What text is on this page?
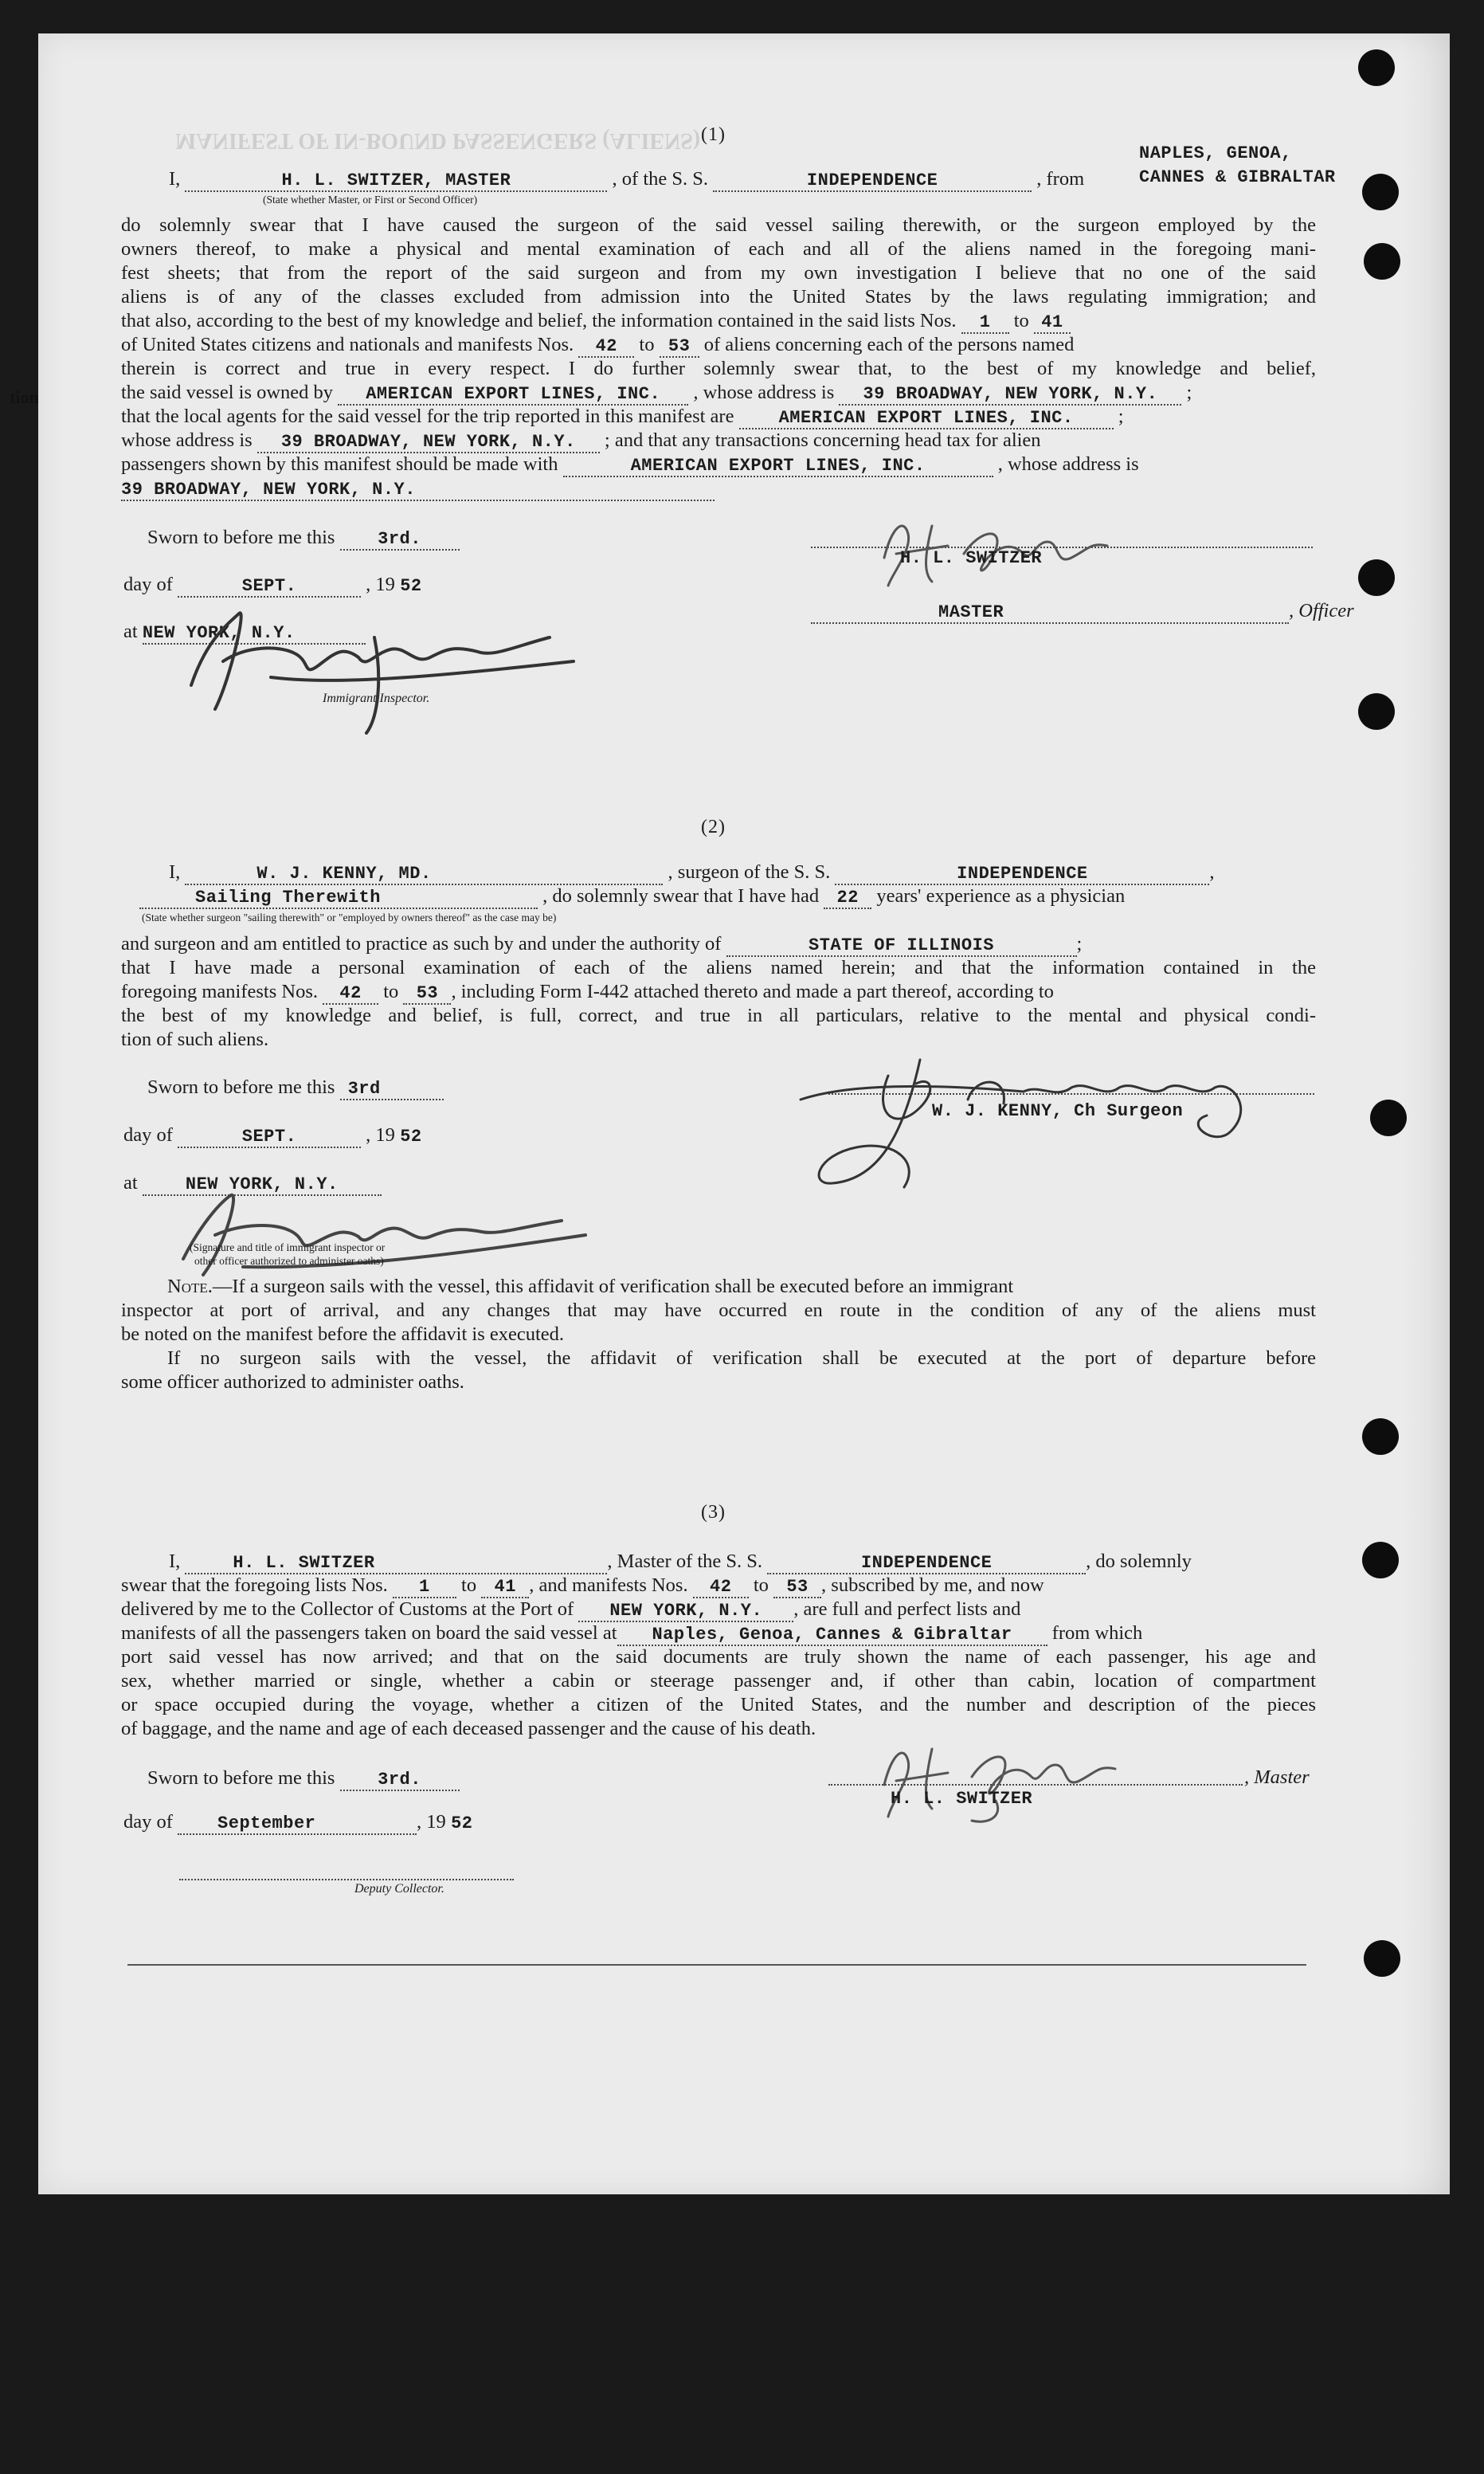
MANIFEST OF IN-BOUND PASSENGERS (ALIENS)
tion
(1)
I,	H. L. SWITZER, MASTER	, of the S. S.	INDEPENDENCE	, from
NAPLES, GENOA,
CANNES & GIBRALTAR
(State whether Master, or First or Second Officer)
do solemnly swear that I have caused the surgeon of the said vessel sailing therewith, or the surgeon employed by the
owners thereof, to make a physical and mental examination of each and all of the aliens named in the foregoing mani-
fest sheets; that from the report of the said surgeon and from my own investigation I believe that no one of the said
aliens is of any of the classes excluded from admission into the United States by the laws regulating immigration; and
that also, according to the best of my knowledge and belief, the information contained in the said lists Nos. 1 to 41
of United States citizens and nationals and manifests Nos. 42 to 53 of aliens concerning each of the persons named
therein is correct and true in every respect. I do further solemnly swear that, to the best of my knowledge and belief,
the said vessel is owned by AMERICAN EXPORT LINES, INC. , whose address is 39 BROADWAY, NEW YORK, N.Y. ;
that the local agents for the said vessel for the trip reported in this manifest are	AMERICAN EXPORT LINES, INC. ;
whose address is 39 BROADWAY, NEW YORK, N.Y. ; and that any transactions concerning head tax for alien
passengers shown by this manifest should be made with	AMERICAN EXPORT LINES, INC.	, whose address is
39 BROADWAY, NEW YORK, N.Y.
Sworn to before me this 3rd.
day of	SEPT.	, 19 52
at NEW YORK, N.Y.
Immigrant Inspector.
H. L. SWITZER
MASTER	, Officer
(2)
I,	W. J. KENNY, MD.	, surgeon of the S. S.	INDEPENDENCE	,
Sailing Therewith	, do solemnly swear that I have had 22 years' experience as a physician
(State whether surgeon "sailing therewith" or "employed by owners thereof" as the case may be)
and surgeon and am entitled to practice as such by and under the authority of	STATE OF ILLINOIS	;
that I have made a personal examination of each of the aliens named herein; and that the information contained in the
foregoing manifests Nos. 42 to 53 , including Form I-442 attached thereto and made a part thereof, according to
the best of my knowledge and belief, is full, correct, and true in all particulars, relative to the mental and physical condi-
tion of such aliens.
Sworn to before me this 3rd
day of	SEPT.	, 19 52
at	NEW YORK, N.Y.
(Signature and title of immigrant inspector or
other officer authorized to administer oaths)
W. J. KENNY, Ch Surgeon
Note.—If a surgeon sails with the vessel, this affidavit of verification shall be executed before an immigrant
inspector at port of arrival, and any changes that may have occurred en route in the condition of any of the aliens must
be noted on the manifest before the affidavit is executed.
If no surgeon sails with the vessel, the affidavit of verification shall be executed at the port of departure before
some officer authorized to administer oaths.
(3)
I,	H. L. SWITZER	, Master of the S. S.	INDEPENDENCE	, do solemnly
swear that the foregoing lists Nos. 1 to 41 , and manifests Nos. 42 to 53 , subscribed by me, and now
delivered by me to the Collector of Customs at the Port of NEW YORK, N.Y. , are full and perfect lists and
manifests of all the passengers taken on board the said vessel at Naples, Genoa, Cannes & Gibraltar from which
port said vessel has now arrived; and that on the said documents are truly shown the name of each passenger, his age and
sex, whether married or single, whether a cabin or steerage passenger and, if other than cabin, location of compartment
or space occupied during the voyage, whether a citizen of the United States, and the number and description of the pieces
of baggage, and the name and age of each deceased passenger and the cause of his death.
Sworn to before me this 3rd.
day of	September	, 19 52
, Master
H. L. SWITZER
Deputy Collector.
